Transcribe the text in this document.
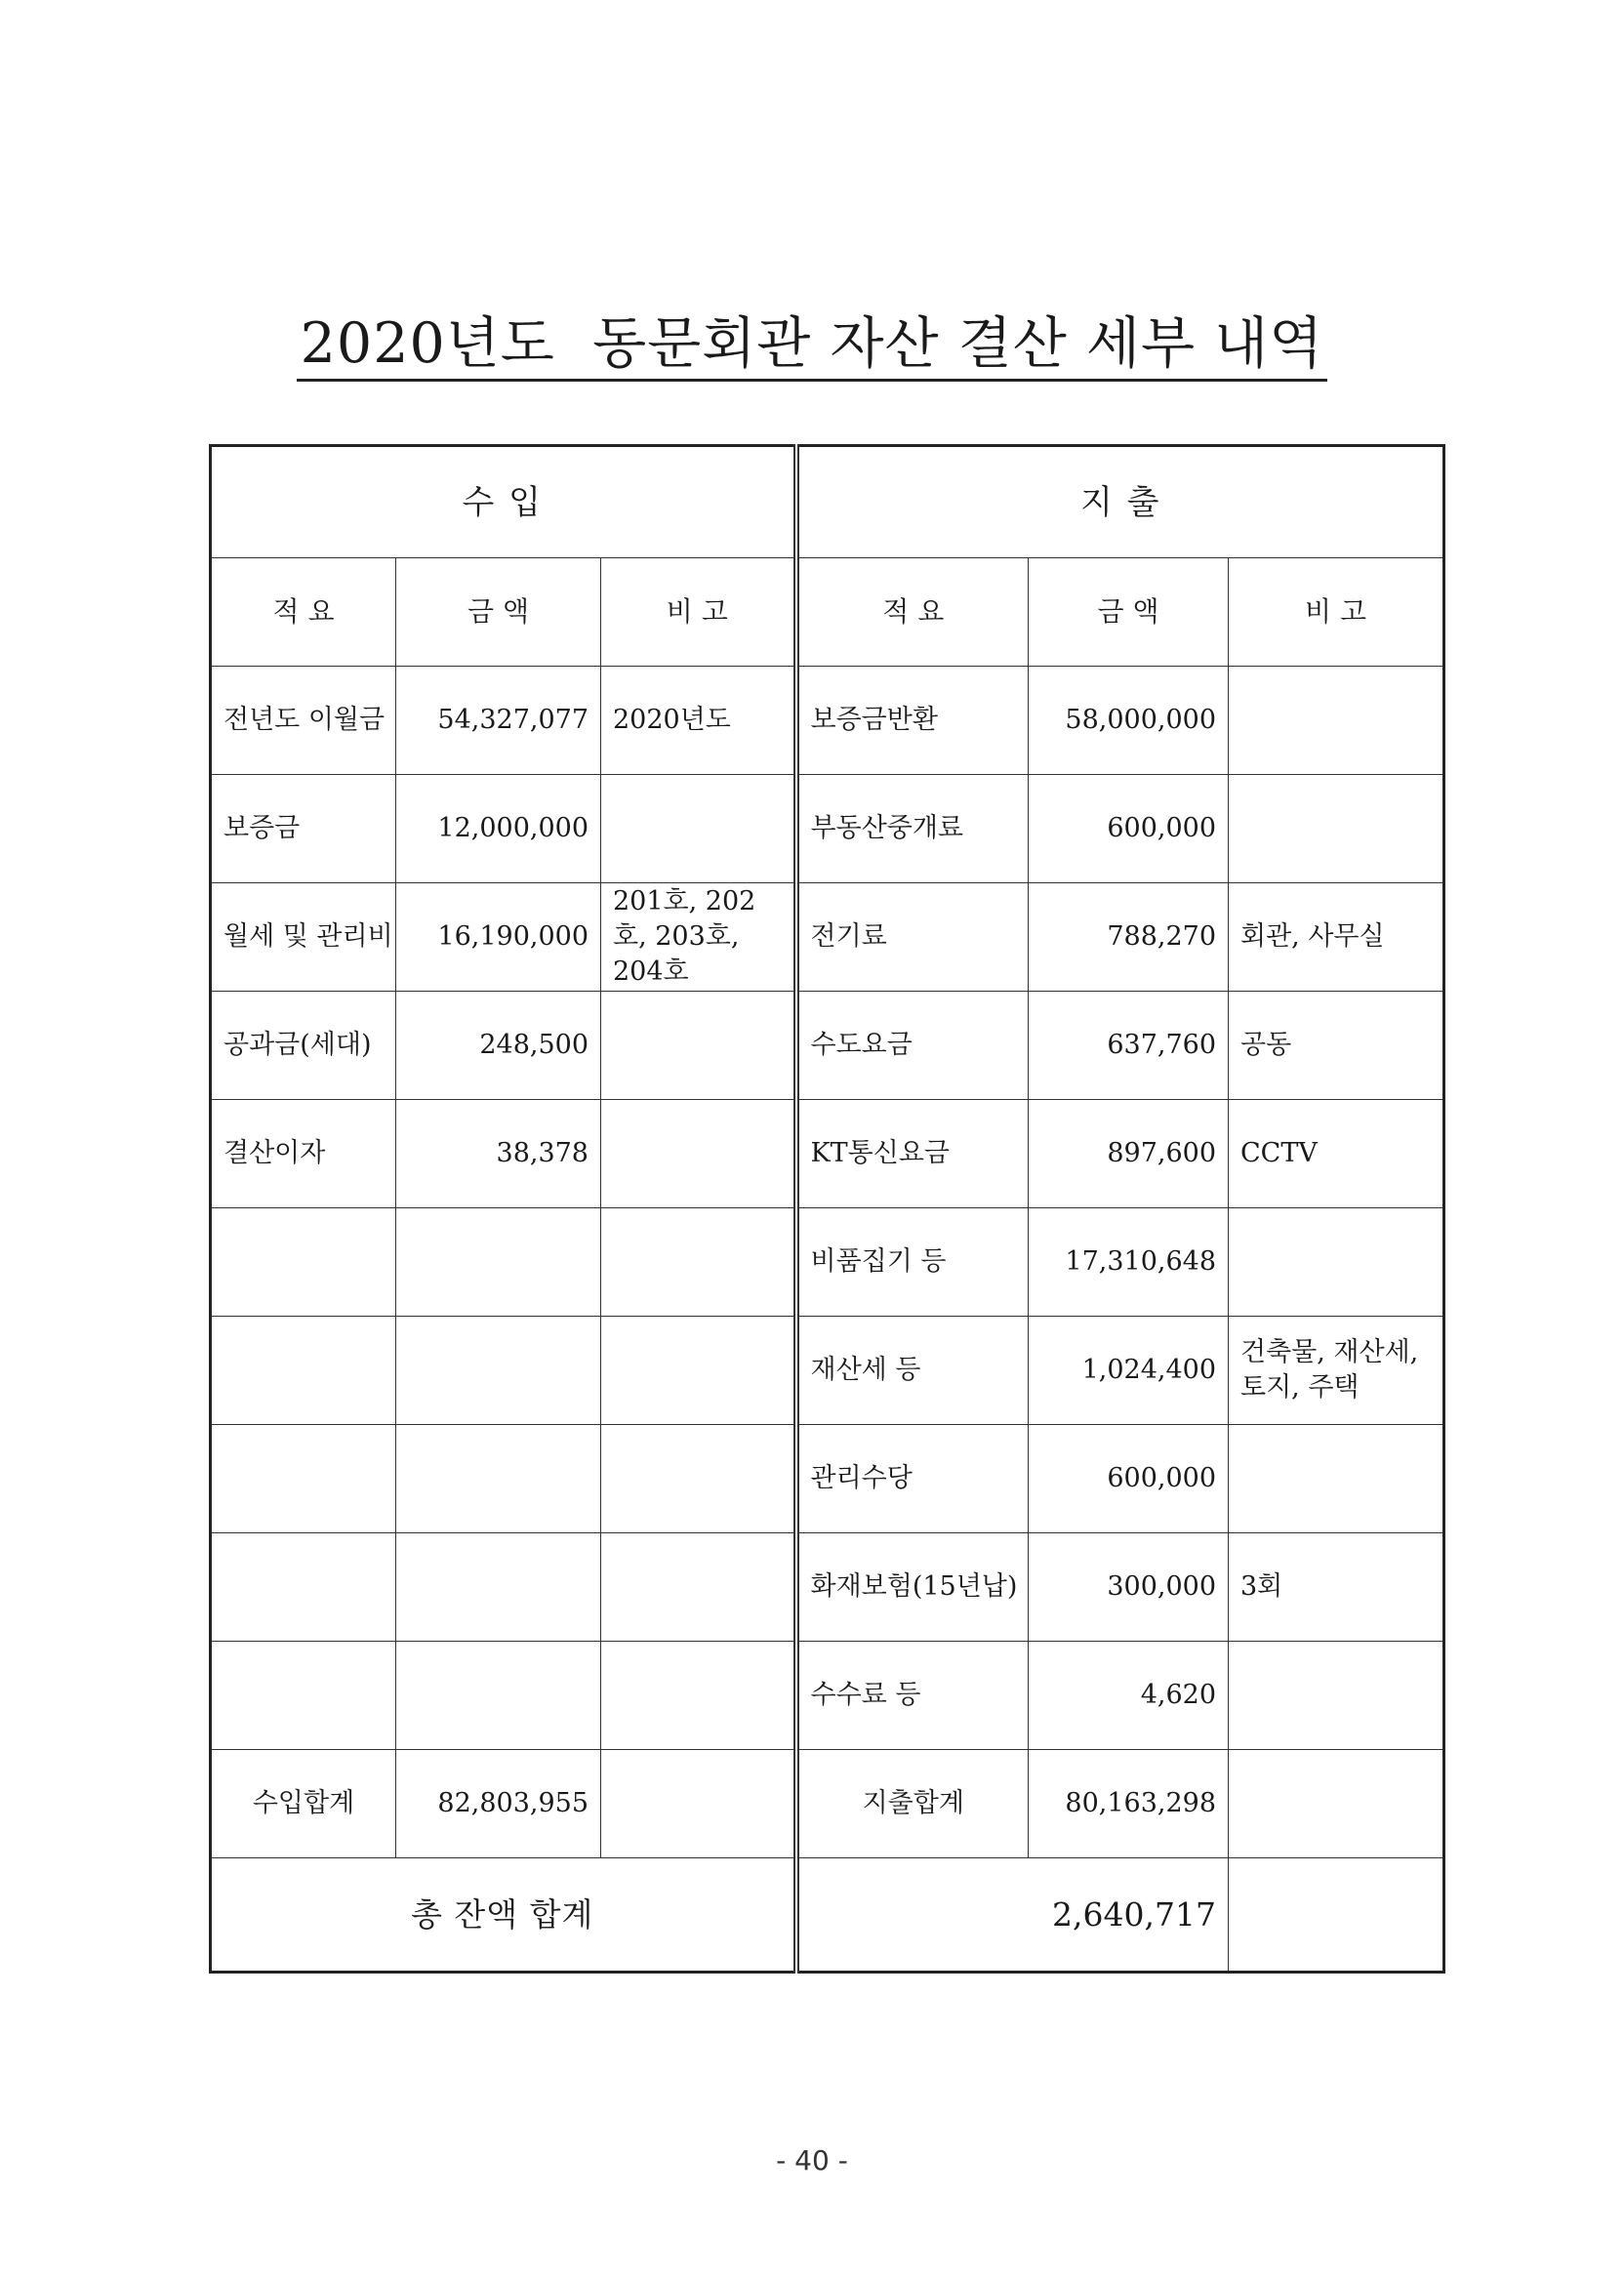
2020년도  동문회관 자산 결산 세부 내역
수 입			지 출		
적 요	금 액	비 고	적 요	금 액	비 고
전년도 이월금	54,327,077	2020년도	보증금반환	58,000,000	
보증금	12,000,000		부동산중개료	600,000	
월세 및 관리비	16,190,000	201호, 202호, 203호, 204호	전기료	788,270	회관, 사무실
공과금(세대)	248,500		수도요금	637,760	공동
결산이자	38,378		KT통신요금	897,600	CCTV
			비품집기 등	17,310,648	
			재산세 등	1,024,400	건축물, 재산세, 토지, 주택
			관리수당	600,000	
			화재보험(15년납)	300,000	3회
			수수료 등	4,620	
수입합계	82,803,955		지출합계	80,163,298	
총 잔액 합계			2,640,717		
- 40 -
